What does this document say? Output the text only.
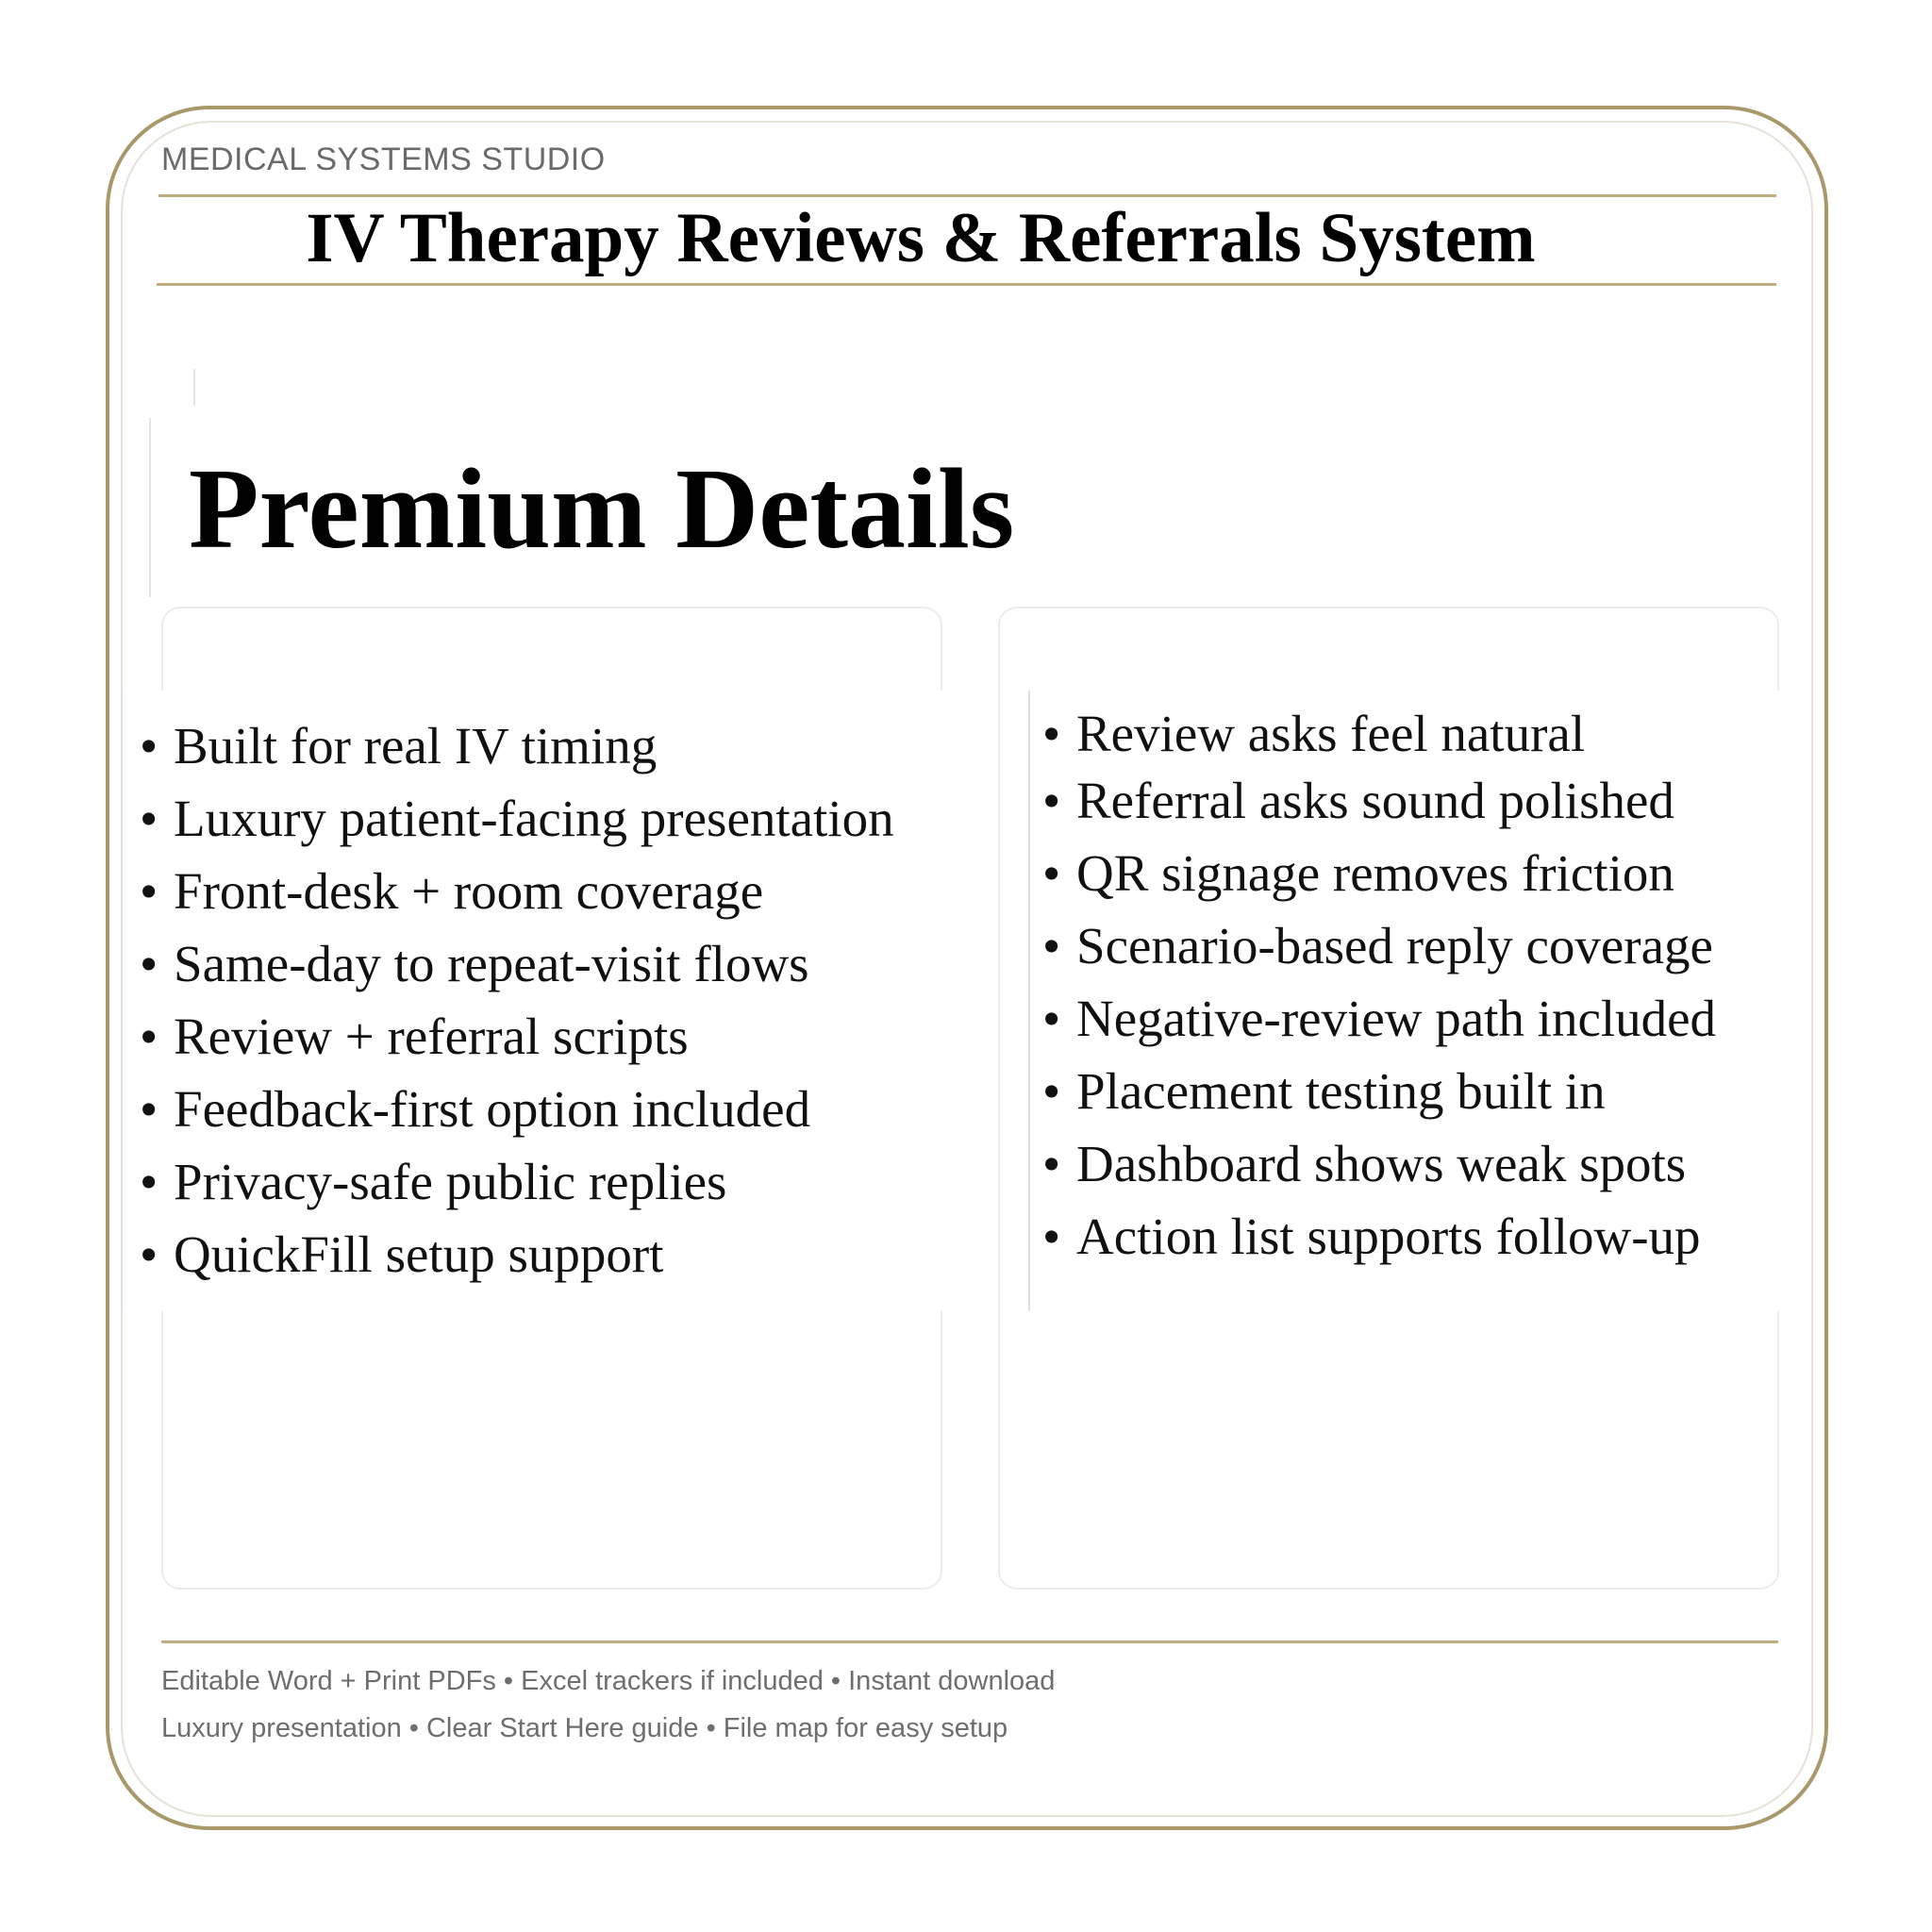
MEDICAL SYSTEMS STUDIO
IV Therapy Reviews & Referrals System
Premium Details
• Built for real IV timing
• Luxury patient-facing presentation
• Front-desk + room coverage
• Same-day to repeat-visit flows
• Review + referral scripts
• Feedback-first option included
• Privacy-safe public replies
• QuickFill setup support
• Review asks feel natural
• Referral asks sound polished
• QR signage removes friction
• Scenario-based reply coverage
• Negative-review path included
• Placement testing built in
• Dashboard shows weak spots
• Action list supports follow-up
Editable Word + Print PDFs • Excel trackers if included • Instant download
Luxury presentation • Clear Start Here guide • File map for easy setup
